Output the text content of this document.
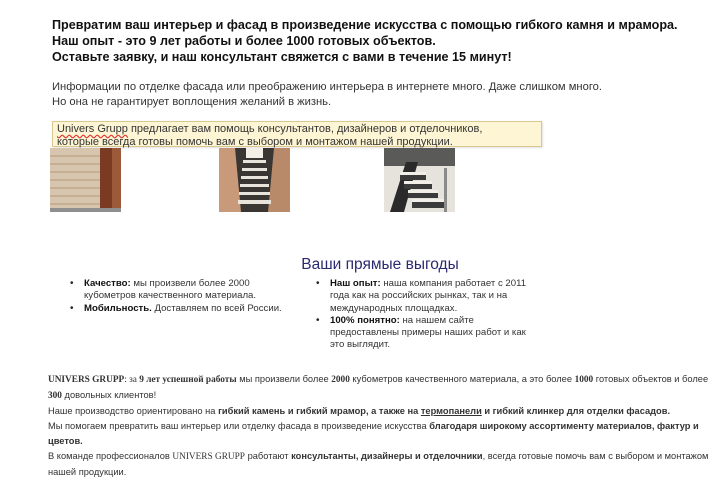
Превратим ваш интерьер и фасад в произведение искусства с помощью гибкого камня и мрамора.
Наш опыт - это 9 лет работы и более 1000 готовых объектов.
Оставьте заявку, и наш консультант свяжется с вами в течение 15 минут!
Информации по отделке фасада или преображению интерьера в интернете много. Даже слишком много.
Но она не гарантирует воплощения желаний в жизнь.
Univers Grupp предлагает вам помощь консультантов, дизайнеров и отделочников,
которые всегда готовы помочь вам с выбором и монтажом нашей продукции.
Ваши прямые выгоды
• Качество: мы произвели более 2000 кубометров качественного материала.
• Мобильность. Доставляем по всей России.
• Наш опыт: наша компания работает с 2011 года как на российских рынках, так и на международных площадках.
• 100% понятно: на нашем сайте предоставлены примеры наших работ и как это выглядит.

UNIVERS GRUPP: за 9 лет успешной работы мы произвели более 2000 кубометров качественного материала, а это более 1000 готовых объектов и более 300 довольных клиентов!

Наше производство ориентировано на гибкий камень и гибкий мрамор, а также на термопанели и гибкий клинкер для отделки фасадов.

Мы помогаем превратить ваш интерьер или отделку фасада в произведение искусства благодаря широкому ассортименту материалов, фактур и цветов.

В команде профессионалов UNIVERS GRUPP работают консультанты, дизайнеры и отделочники, всегда готовые помочь вам с выбором и монтажом нашей продукции.
